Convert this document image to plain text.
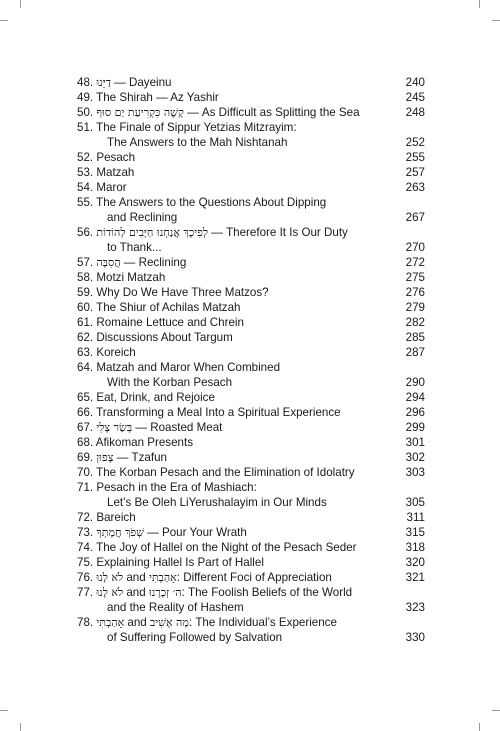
48. דַיֵּנוּ — Dayeinu	240
49. The Shirah — Az Yashir	245
50. קָשֶׁה כִּקְרִיעַת יַם סוּף — As Difficult as Splitting the Sea	248
51. The Finale of Sippur Yetzias Mitzrayim:
The Answers to the Mah Nishtanah	252
52. Pesach	255
53. Matzah	257
54. Maror	263
55. The Answers to the Questions About Dipping
and Reclining	267
56. לְפִיכָךְ אֲנַחְנוּ חַיָּבִים לְהוֹדוֹת — Therefore It Is Our Duty
to Thank...	270
57. הֲסִבָּה — Reclining	272
58. Motzi Matzah	275
59. Why Do We Have Three Matzos?	276
60. The Shiur of Achilas Matzah	279
61. Romaine Lettuce and Chrein	282
62. Discussions About Targum	285
63. Koreich	287
64. Matzah and Maror When Combined
With the Korban Pesach	290
65. Eat, Drink, and Rejoice	294
66. Transforming a Meal Into a Spiritual Experience	296
67. בְּשַׂר צָלִי — Roasted Meat	299
68. Afikoman Presents	301
69. צָפוּן — Tzafun	302
70. The Korban Pesach and the Elimination of Idolatry	303
71. Pesach in the Era of Mashiach:
Let’s Be Oleh LiYerushalayim in Our Minds	305
72. Bareich	311
73. שְׁפֹךְ חֲמָתְךָ — Pour Your Wrath	315
74. The Joy of Hallel on the Night of the Pesach Seder	318
75. Explaining Hallel Is Part of Hallel	320
76. לֹא לָנוּ and אָהַבְתִּי: Different Foci of Appreciation	321
77. לֹא לָנוּ and ה׳ זְכָרָנוּ: The Foolish Beliefs of the World
and the Reality of Hashem	323
78. אָהַבְתִּי and מָה אָשִׁיב: The Individual’s Experience
of Suffering Followed by Salvation	330
